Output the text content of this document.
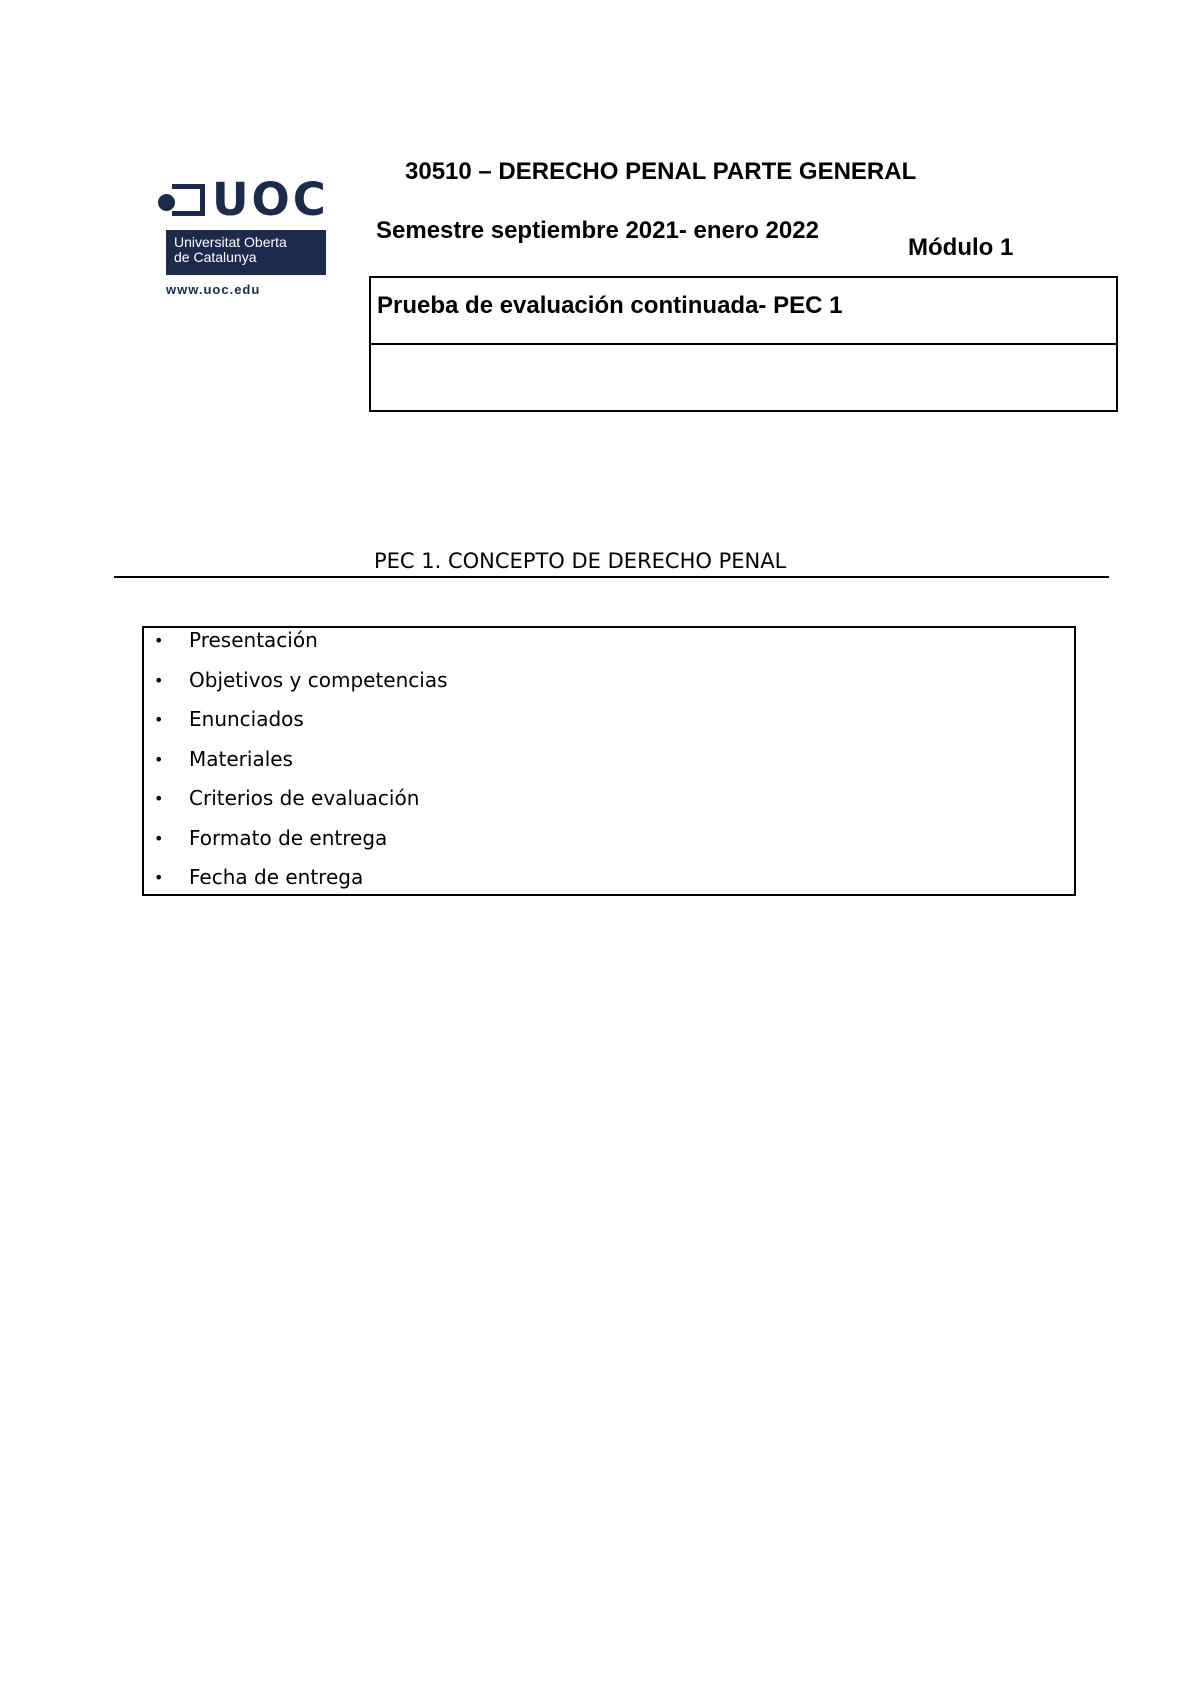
UOC
Universitat Oberta
de Catalunya
www.uoc.edu
30510 – DERECHO PENAL PARTE GENERAL
Semestre septiembre 2021- enero 2022
Módulo 1
Prueba de evaluación continuada- PEC 1
PEC 1. CONCEPTO DE DERECHO PENAL
• Presentación
• Objetivos y competencias
• Enunciados
• Materiales
• Criterios de evaluación
• Formato de entrega
• Fecha de entrega
